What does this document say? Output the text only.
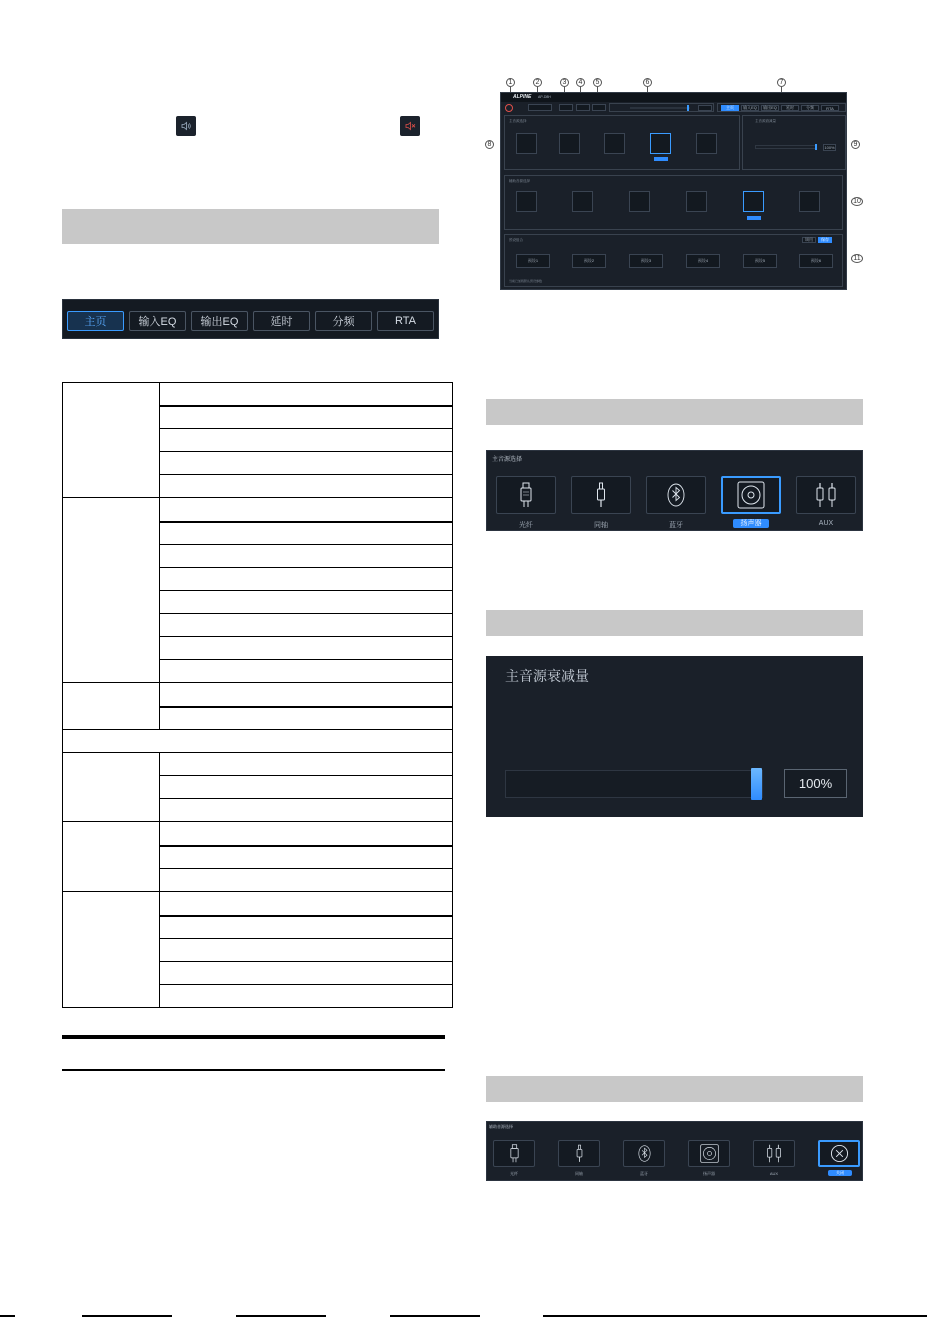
主页	输入EQ 输出EQ	延时	分频	RTA

1	2	3 4 5	6	7
8	9
10
11
ALPINE AP-D8H
主页 输入EQ 输出EQ 延时	分频	RTA
主音源选择	主音源衰减量
100%
辅助音源选择
预设组合	调用 保存
预设1	预设2	预设3	预设4	预设5	预设6
当前已加载默认预设参数
主音源选择
光纤	同轴	蓝牙	扬声器	AUX
主音源衰减量
100%
辅助音源选择
光纤	同轴	蓝牙	扬声器	AUX	关闭
